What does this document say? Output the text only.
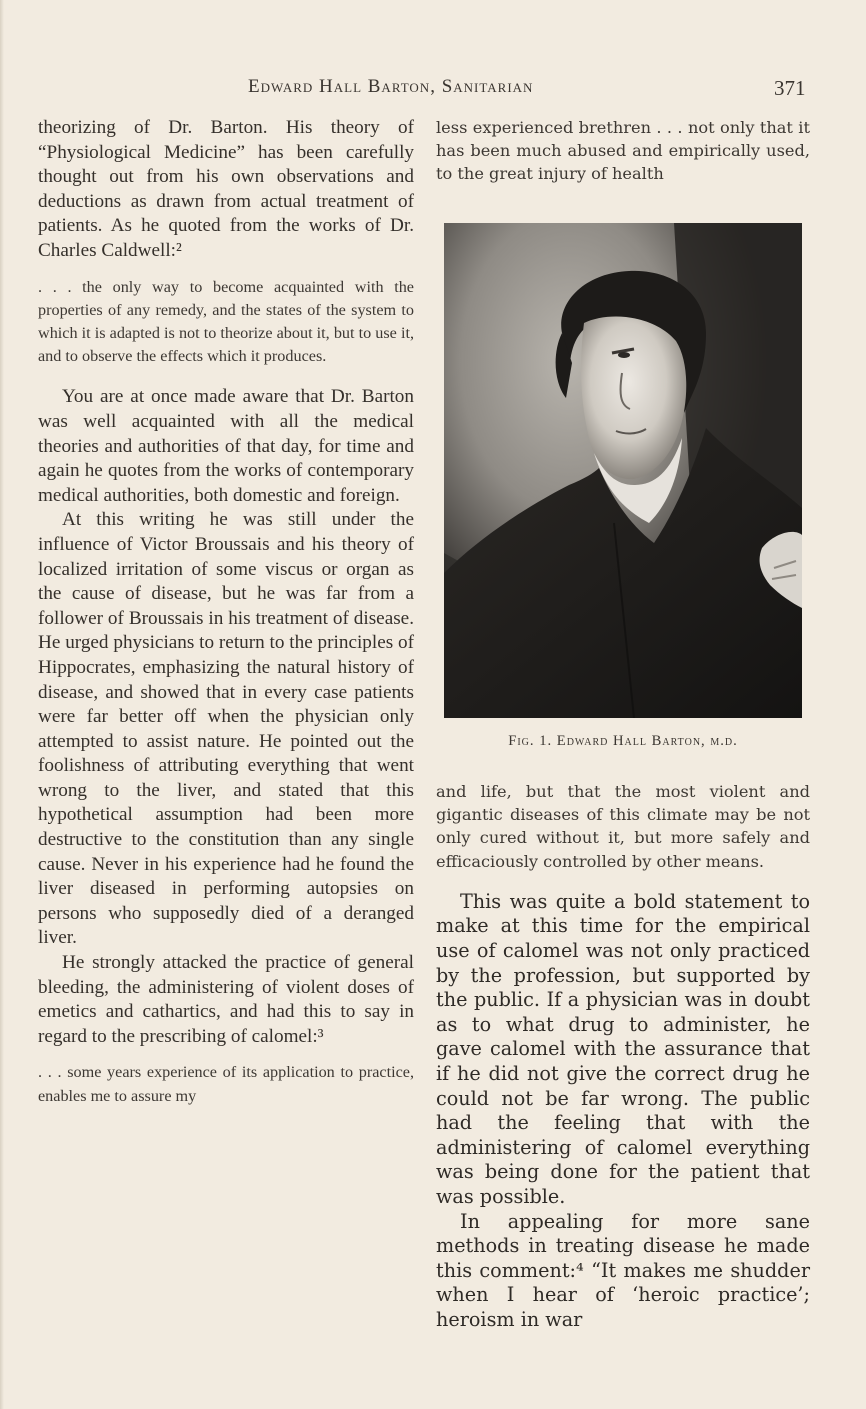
Edward Hall Barton, Sanitarian	371

theorizing of Dr. Barton. His theory of “Physiological Medicine” has been carefully thought out from his own observations and deductions as drawn from actual treatment of patients. As he quoted from the works of Dr. Charles Caldwell:²

. . . the only way to become acquainted with the properties of any remedy, and the states of the system to which it is adapted is not to theorize about it, but to use it, and to observe the effects which it produces.

You are at once made aware that Dr. Barton was well acquainted with all the medical theories and authorities of that day, for time and again he quotes from the works of contemporary medical authorities, both domestic and foreign.

At this writing he was still under the influence of Victor Broussais and his theory of localized irritation of some viscus or organ as the cause of disease, but he was far from a follower of Broussais in his treatment of disease. He urged physicians to return to the principles of Hippocrates, emphasizing the natural history of disease, and showed that in every case patients were far better off when the physician only attempted to assist nature. He pointed out the foolishness of attributing everything that went wrong to the liver, and stated that this hypothetical assumption had been more destructive to the constitution than any single cause. Never in his experience had he found the liver diseased in performing autopsies on persons who supposedly died of a deranged liver.

He strongly attacked the practice of general bleeding, the administering of violent doses of emetics and cathartics, and had this to say in regard to the prescribing of calomel:³

. . . some years experience of its application to practice, enables me to assure my

less experienced brethren . . . not only that it has been much abused and empirically used, to the great injury of health

Fig. 1. Edward Hall Barton, m.d.

and life, but that the most violent and gigantic diseases of this climate may be not only cured without it, but more safely and efficaciously controlled by other means.

This was quite a bold statement to make at this time for the empirical use of calomel was not only practiced by the profession, but supported by the public. If a physician was in doubt as to what drug to administer, he gave calomel with the assurance that if he did not give the correct drug he could not be far wrong. The public had the feeling that with the administering of calomel everything was being done for the patient that was possible.

In appealing for more sane methods in treating disease he made this comment:⁴ “It makes me shudder when I hear of ‘heroic practice’; heroism in war
